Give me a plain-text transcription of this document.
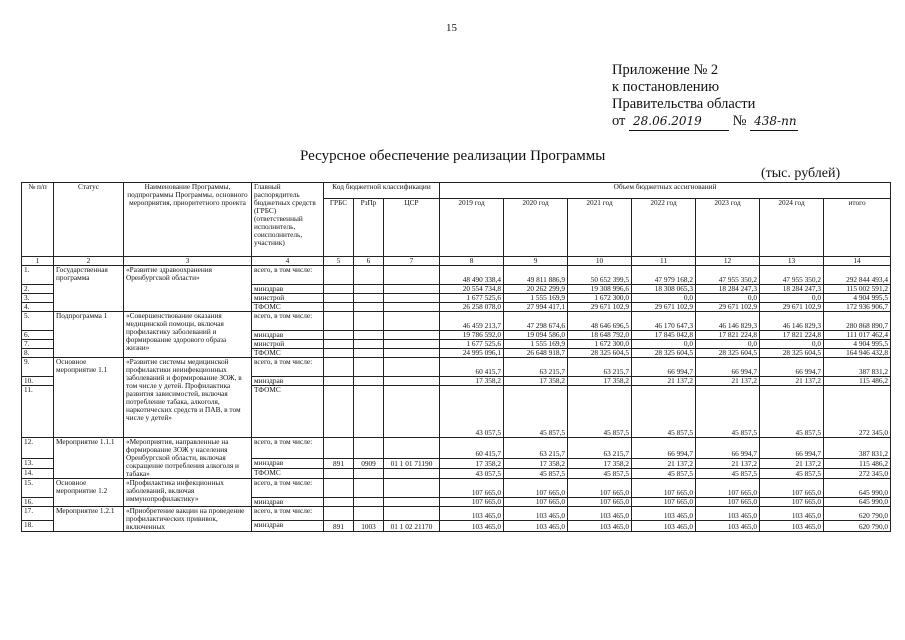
15
Приложение № 2
к постановлению
Правительства области
от 28.06.2019 № 438-пп
Ресурсное обеспечение реализации Программы
(тыс. рублей)
№ п/п	Статус	Наименование Программы, подпрограммы Программы, основного мероприятия, приоритетного проекта	Главный распорядитель бюджетных средств (ГРБС) (ответственный исполнитель, соисполнитель, участник)	Код бюджетной классификации			Объем бюджетных ассигнований						
				ГРБС	РзПр	ЦСР	2019 год	2020 год	2021 год	2022 год	2023 год	2024 год	итого
1	2	3	4	5	6	7	8	9	10	11	12	13	14
1.	Государственная программа	«Развитие здравоохранения Оренбургской области»	всего, в том числе:				48 490 338,4	49 811 886,9	50 652 399,5	47 979 168,2	47 955 350,2	47 955 350,2	292 844 493,4
2.			минздрав				20 554 734,8	20 262 299,9	19 308 996,6	18 308 065,3	18 284 247,3	18 284 247,3	115 002 591,2
3.			минстрой				1 677 525,6	1 555 169,9	1 672 300,0	0,0	0,0	0,0	4 904 995,5
4.			ТФОМС				26 258 078,0	27 994 417,1	29 671 102,9	29 671 102,9	29 671 102,9	29 671 102,9	172 936 906,7
5.	Подпрограмма 1	«Совершенствование оказания медицинской помощи, включая профилактику заболеваний и формирование здорового образа жизни»	всего, в том числе:				46 459 213,7	47 298 674,6	48 646 696,5	46 170 647,3	46 146 829,3	46 146 829,3	280 868 890,7
6.			минздрав				19 786 592,0	19 094 586,0	18 648 792,0	17 845 042,8	17 821 224,8	17 821 224,8	111 017 462,4
7.			минстрой				1 677 525,6	1 555 169,9	1 672 300,0	0,0	0,0	0,0	4 904 995,5
8.			ТФОМС				24 995 096,1	26 648 918,7	28 325 604,5	28 325 604,5	28 325 604,5	28 325 604,5	164 946 432,8
9.	Основное мероприятие 1.1	«Развитие системы медицинской профилактики неинфекционных заболеваний и формирование ЗОЖ, в том числе у детей. Профилактика развития зависимостей, включая потребление табака, алкоголя, наркотических средств и ПАВ, в том числе у детей»	всего, в том числе:				60 415,7	63 215,7	63 215,7	66 994,7	66 994,7	66 994,7	387 831,2
10.			минздрав				17 358,2	17 358,2	17 358,2	21 137,2	21 137,2	21 137,2	115 486,2
11.			ТФОМС				43 057,5	45 857,5	45 857,5	45 857,5	45 857,5	45 857,5	272 345,0
12.	Мероприятие 1.1.1	«Мероприятия, направленные на формирование ЗОЖ у населения Оренбургской области, включая сокращение потребления алкоголя и табака»	всего, в том числе:				60 415,7	63 215,7	63 215,7	66 994,7	66 994,7	66 994,7	387 831,2
13.			минздрав	891	0909	01 1 01 71190	17 358,2	17 358,2	17 358,2	21 137,2	21 137,2	21 137,2	115 486,2
14.			ТФОМС				43 057,5	45 857,5	45 857,5	45 857,5	45 857,5	45 857,5	272 345,0
15.	Основное мероприятие 1.2	«Профилактика инфекционных заболеваний, включая иммунопрофилактику»	всего, в том числе:				107 665,0	107 665,0	107 665,0	107 665,0	107 665,0	107 665,0	645 990,0
16.			минздрав				107 665,0	107 665,0	107 665,0	107 665,0	107 665,0	107 665,0	645 990,0
17.	Мероприятие 1.2.1	«Приобретение вакцин на проведение профилактических прививок, включенных	всего, в том числе:				103 465,0	103 465,0	103 465,0	103 465,0	103 465,0	103 465,0	620 790,0
18.			минздрав	891	1003	01 1 02 21170	103 465,0	103 465,0	103 465,0	103 465,0	103 465,0	103 465,0	620 790,0
